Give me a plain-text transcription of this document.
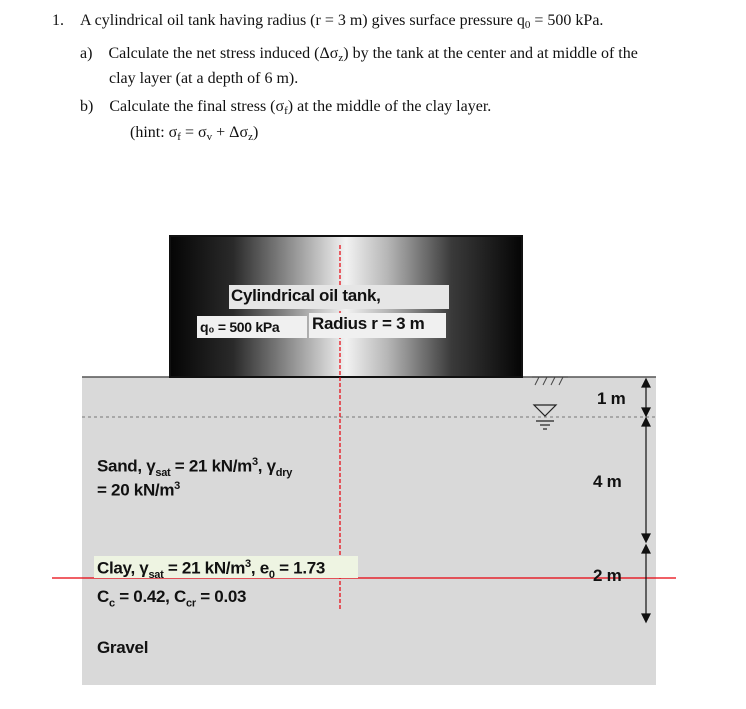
1. A cylindrical oil tank having radius (r = 3 m) gives surface pressure $q_0 = 500$ kPa.
a) Calculate the net stress induced $(\Delta\sigma_z)$ by the tank at the center and at middle of the
clay layer (at a depth of 6 m).
b) Calculate the final stress $(\sigma_f)$ at the middle of the clay layer.
(hint: $\sigma_f = \sigma_v + \Delta\sigma_z$)
Cylindrical oil tank,
q₀ = 500 kPa Radius r = 3 m
Sand, $\gamma_{sat} = 21$ $kN/m^3$, $\gamma_{dry}$
= 20 $kN/m^3$
Clay, $\gamma_{sat} = 21$ $kN/m^3$, $e_0 = 1.73$
$C_c = 0.42$, $C_{cr} = 0.03$
Gravel
1 m
4 m
2 m
